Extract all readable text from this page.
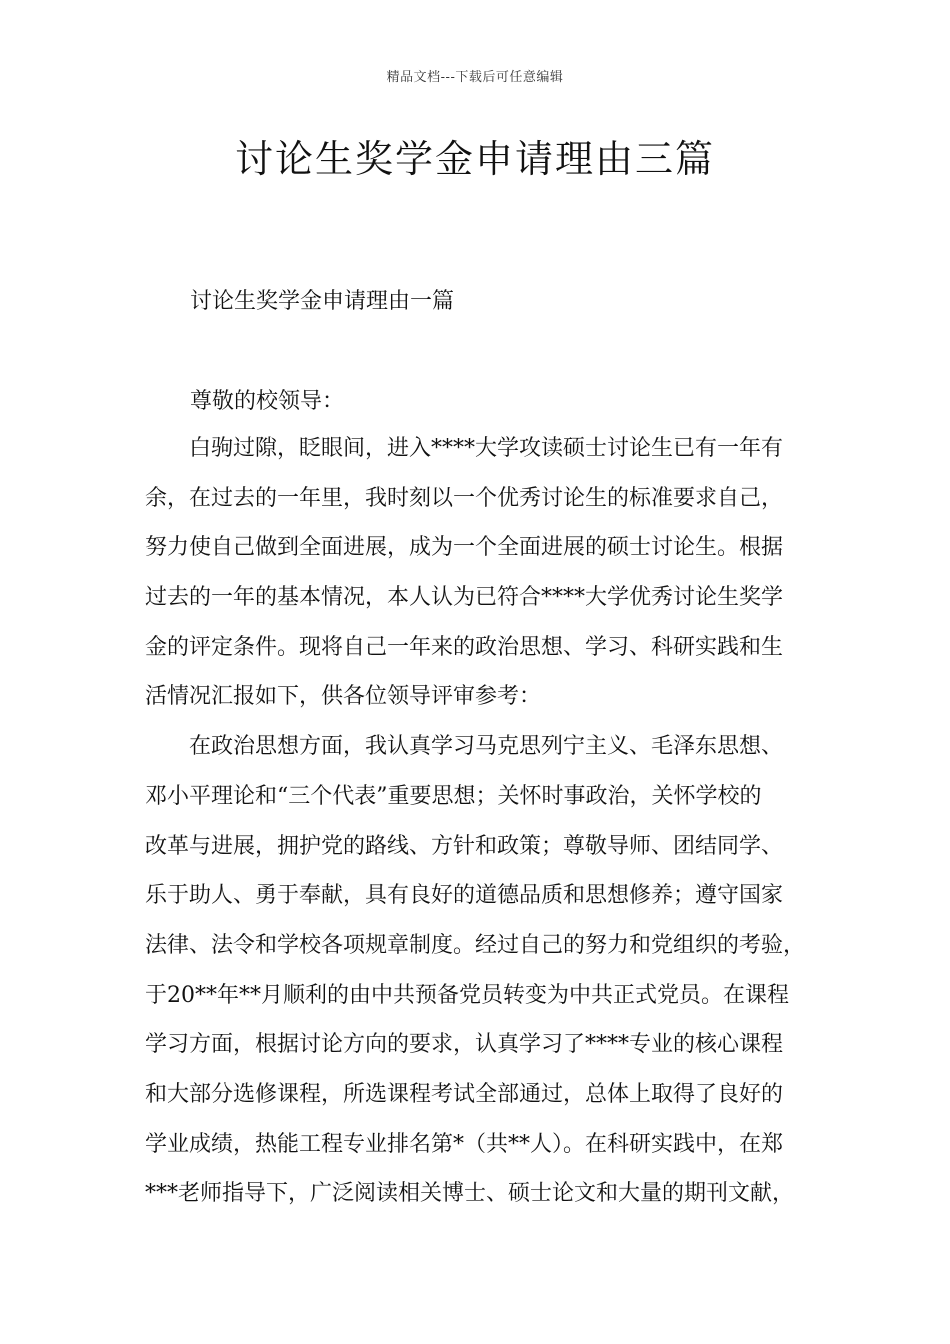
精品文档---下载后可任意编辑
讨论生奖学金申请理由三篇
讨论生奖学金申请理由一篇

尊敬的校领导：

　　白驹过隙，眨眼间，进入****大学攻读硕士讨论生已有一年有
余，在过去的一年里，我时刻以一个优秀讨论生的标准要求自己，
努力使自己做到全面进展，成为一个全面进展的硕士讨论生。根据
过去的一年的基本情况，本人认为已符合****大学优秀讨论生奖学
金的评定条件。现将自己一年来的政治思想、学习、科研实践和生
活情况汇报如下，供各位领导评审参考：
　　在政治思想方面，我认真学习马克思列宁主义、毛泽东思想、
邓小平理论和“三个代表”重要思想；关怀时事政治，关怀学校的
改革与进展，拥护党的路线、方针和政策；尊敬导师、团结同学、
乐于助人、勇于奉献，具有良好的道德品质和思想修养；遵守国家
法律、法令和学校各项规章制度。经过自己的努力和党组织的考验，
于20**年**月顺利的由中共预备党员转变为中共正式党员。在课程
学习方面，根据讨论方向的要求，认真学习了****专业的核心课程
和大部分选修课程，所选课程考试全部通过，总体上取得了良好的
学业成绩，热能工程专业排名第*（共**人）。在科研实践中，在郑
***老师指导下，广泛阅读相关博士、硕士论文和大量的期刊文献，
